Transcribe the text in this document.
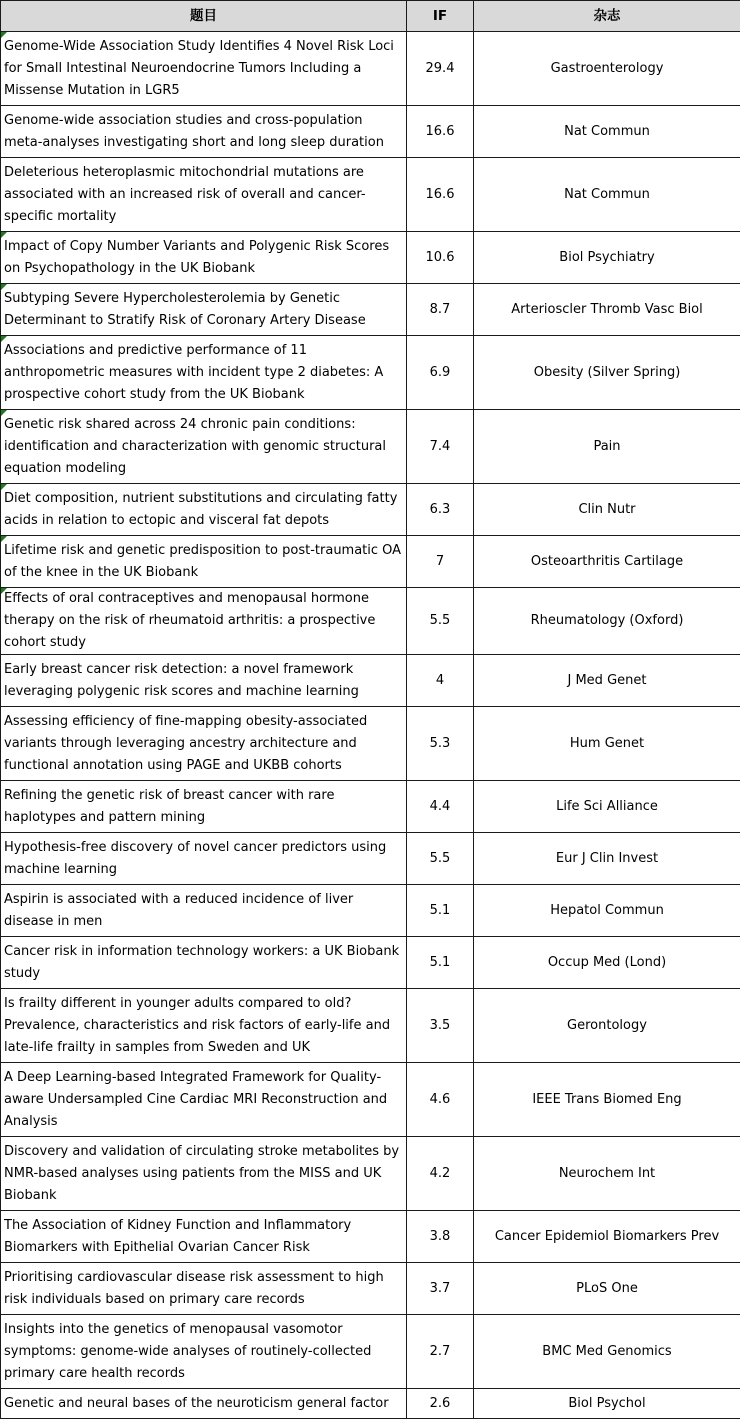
题目	IF	杂志
Genome-Wide Association Study Identifies 4 Novel Risk Loci for Small Intestinal Neuroendocrine Tumors Including a Missense Mutation in LGR5	29.4	Gastroenterology
Genome-wide association studies and cross-population meta-analyses investigating short and long sleep duration	16.6	Nat Commun
Deleterious heteroplasmic mitochondrial mutations are associated with an increased risk of overall and cancer-specific mortality	16.6	Nat Commun
Impact of Copy Number Variants and Polygenic Risk Scores on Psychopathology in the UK Biobank	10.6	Biol Psychiatry
Subtyping Severe Hypercholesterolemia by Genetic Determinant to Stratify Risk of Coronary Artery Disease	8.7	Arterioscler Thromb Vasc Biol
Associations and predictive performance of 11 anthropometric measures with incident type 2 diabetes: A prospective cohort study from the UK Biobank	6.9	Obesity (Silver Spring)
Genetic risk shared across 24 chronic pain conditions: identification and characterization with genomic structural equation modeling	7.4	Pain
Diet composition, nutrient substitutions and circulating fatty acids in relation to ectopic and visceral fat depots	6.3	Clin Nutr
Lifetime risk and genetic predisposition to post-traumatic OA of the knee in the UK Biobank	7	Osteoarthritis Cartilage
Effects of oral contraceptives and menopausal hormone therapy on the risk of rheumatoid arthritis: a prospective cohort study	5.5	Rheumatology (Oxford)
Early breast cancer risk detection: a novel framework leveraging polygenic risk scores and machine learning	4	J Med Genet
Assessing efficiency of fine-mapping obesity-associated variants through leveraging ancestry architecture and functional annotation using PAGE and UKBB cohorts	5.3	Hum Genet
Refining the genetic risk of breast cancer with rare haplotypes and pattern mining	4.4	Life Sci Alliance
Hypothesis-free discovery of novel cancer predictors using machine learning	5.5	Eur J Clin Invest
Aspirin is associated with a reduced incidence of liver disease in men	5.1	Hepatol Commun
Cancer risk in information technology workers: a UK Biobank study	5.1	Occup Med (Lond)
Is frailty different in younger adults compared to old? Prevalence, characteristics and risk factors of early-life and late-life frailty in samples from Sweden and UK	3.5	Gerontology
A Deep Learning-based Integrated Framework for Quality-aware Undersampled Cine Cardiac MRI Reconstruction and Analysis	4.6	IEEE Trans Biomed Eng
Discovery and validation of circulating stroke metabolites by NMR-based analyses using patients from the MISS and UK Biobank	4.2	Neurochem Int
The Association of Kidney Function and Inflammatory Biomarkers with Epithelial Ovarian Cancer Risk	3.8	Cancer Epidemiol Biomarkers Prev
Prioritising cardiovascular disease risk assessment to high risk individuals based on primary care records	3.7	PLoS One
Insights into the genetics of menopausal vasomotor symptoms: genome-wide analyses of routinely-collected primary care health records	2.7	BMC Med Genomics
Genetic and neural bases of the neuroticism general factor	2.6	Biol Psychol
